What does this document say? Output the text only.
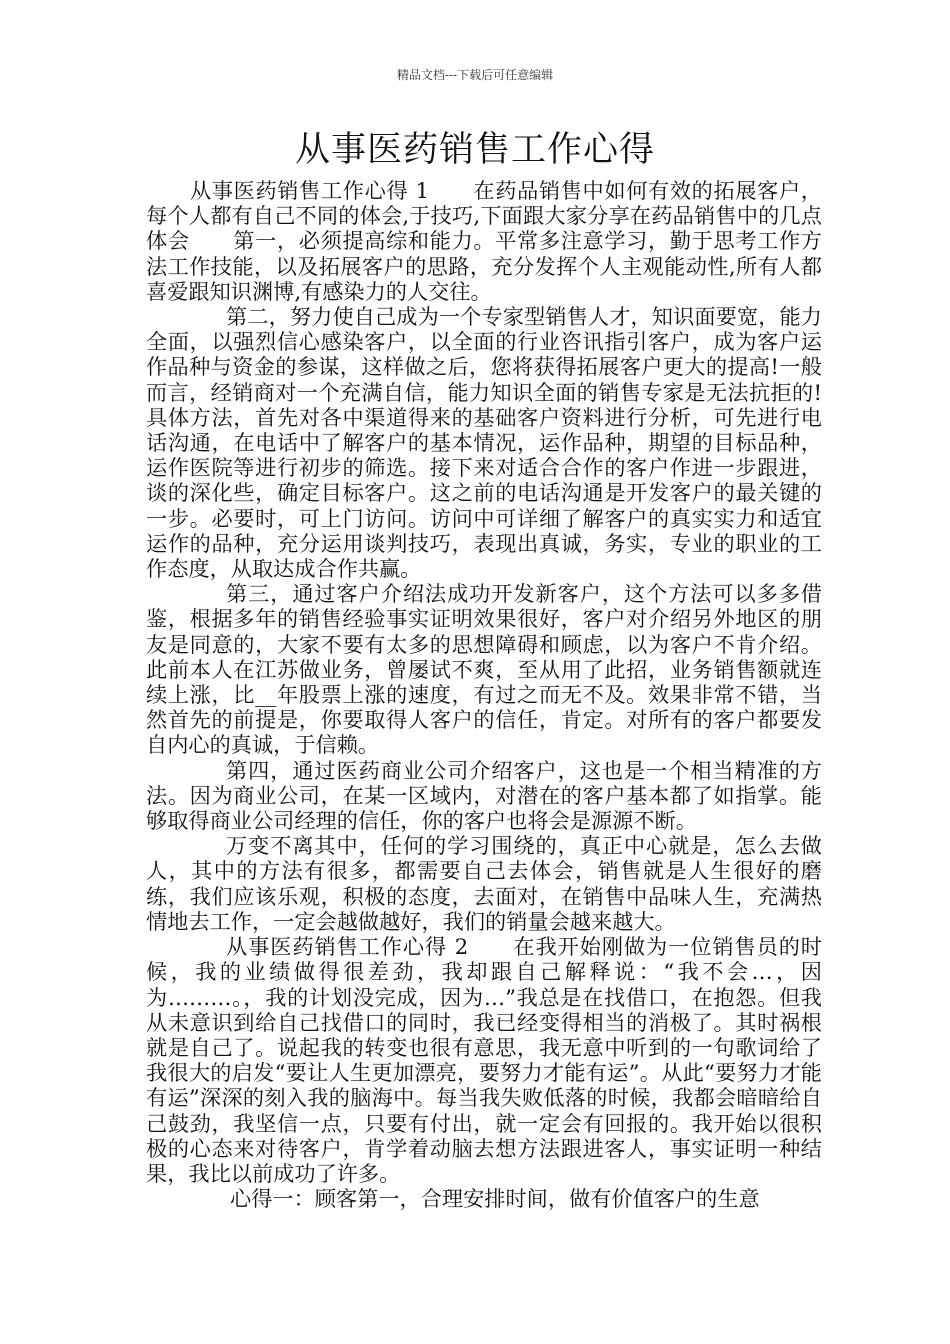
精品文档---下载后可任意编辑
从事医药销售工作心得

从事医药销售工作心得 1　　在药品销售中如何有效的拓展客户，每个人都有自己不同的体会,于技巧,下面跟大家分享在药品销售中的几点体会　　第一，必须提高综和能力。平常多注意学习，勤于思考工作方法工作技能，以及拓展客户的思路，充分发挥个人主观能动性,所有人都喜爱跟知识渊博,有感染力的人交往。

第二，努力使自己成为一个专家型销售人才，知识面要宽，能力全面，以强烈信心感染客户，以全面的行业咨讯指引客户，成为客户运作品种与资金的参谋，这样做之后，您将获得拓展客户更大的提高!一般而言，经销商对一个充满自信，能力知识全面的销售专家是无法抗拒的!具体方法，首先对各中渠道得来的基础客户资料进行分析，可先进行电话沟通，在电话中了解客户的基本情况，运作品种，期望的目标品种，运作医院等进行初步的筛选。接下来对适合合作的客户作进一步跟进，谈的深化些，确定目标客户。这之前的电话沟通是开发客户的最关键的一步。必要时，可上门访问。访问中可详细了解客户的真实实力和适宜运作的品种，充分运用谈判技巧，表现出真诚，务实，专业的职业的工作态度，从取达成合作共赢。

第三，通过客户介绍法成功开发新客户，这个方法可以多多借鉴，根据多年的销售经验事实证明效果很好，客户对介绍另外地区的朋友是同意的，大家不要有太多的思想障碍和顾虑，以为客户不肯介绍。此前本人在江苏做业务，曾屡试不爽，至从用了此招，业务销售额就连续上涨，比__年股票上涨的速度，有过之而无不及。效果非常不错，当然首先的前提是，你要取得人客户的信任，肯定。对所有的客户都要发自内心的真诚，于信赖。

第四，通过医药商业公司介绍客户，这也是一个相当精准的方法。因为商业公司，在某一区域内，对潜在的客户基本都了如指掌。能够取得商业公司经理的信任，你的客户也将会是源源不断。

万变不离其中，任何的学习围绕的，真正中心就是，怎么去做人，其中的方法有很多，都需要自己去体会，销售就是人生很好的磨练，我们应该乐观，积极的态度，去面对，在销售中品味人生，充满热情地去工作，一定会越做越好，我们的销量会越来越大。

从事医药销售工作心得 2　　在我开始刚做为一位销售员的时候，我的业绩做得很差劲，我却跟自己解释说：“我不会…，因为………。，我的计划没完成，因为…”我总是在找借口，在抱怨。但我从未意识到给自己找借口的同时，我已经变得相当的消极了。其时祸根就是自己了。说起我的转变也很有意思，我无意中听到的一句歌词给了我很大的启发“要让人生更加漂亮，要努力才能有运”。从此“要努力才能有运”深深的刻入我的脑海中。每当我失败低落的时候，我都会暗暗给自己鼓劲，我坚信一点，只要有付出，就一定会有回报的。我开始以很积极的心态来对待客户，肯学着动脑去想方法跟进客人，事实证明一种结果，我比以前成功了许多。

心得一：顾客第一，合理安排时间，做有价值客户的生意
